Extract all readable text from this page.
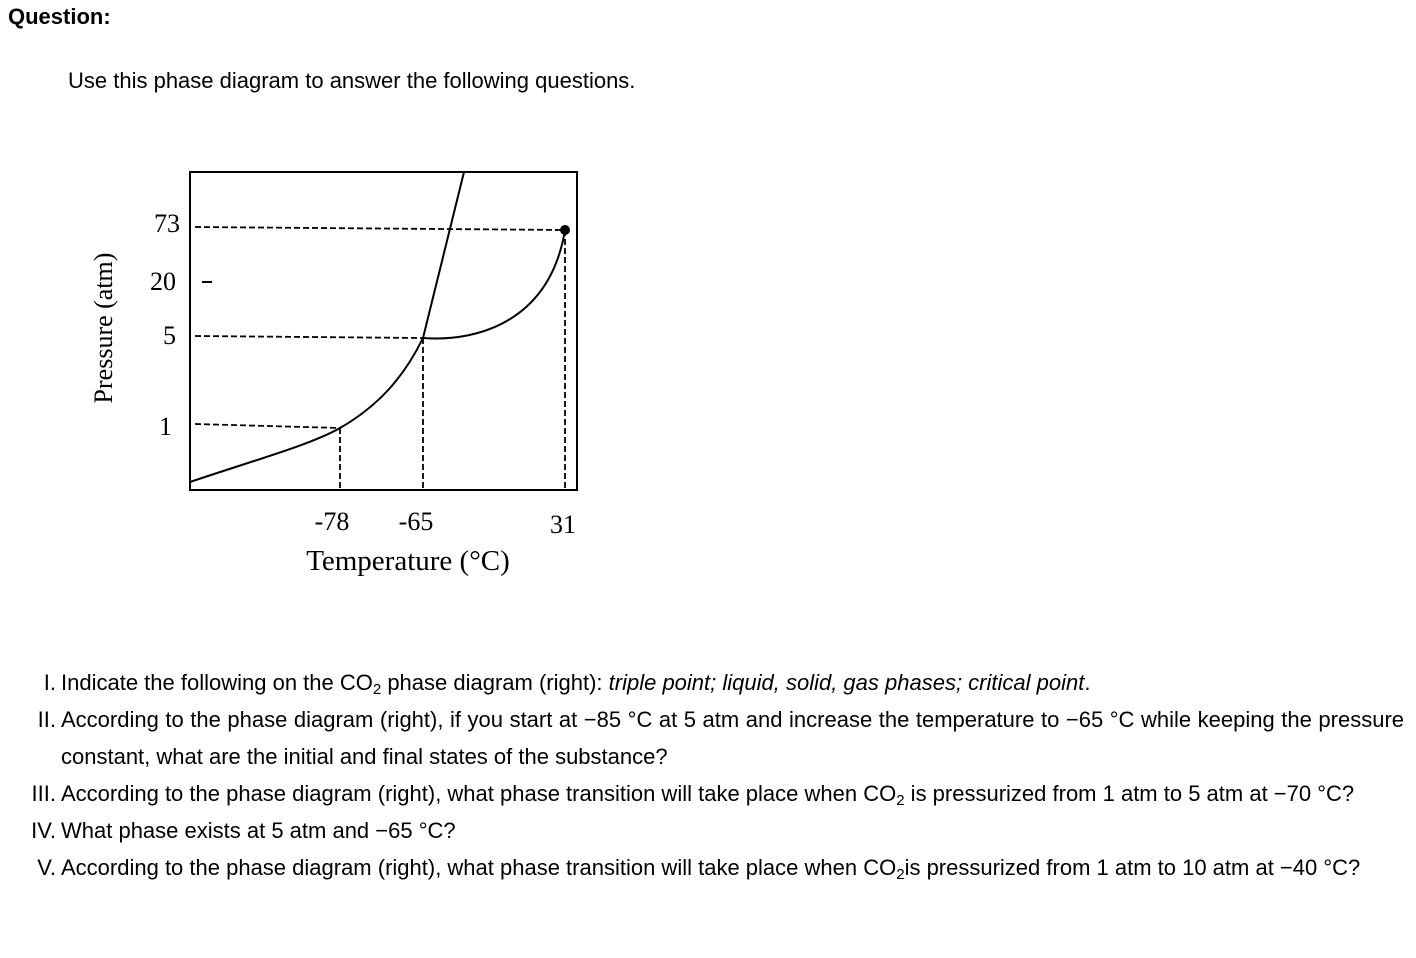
Question:

Use this phase diagram to answer the following questions.

73
20
5
1
-78 -65	31
Temperature (°C)
Pressure (atm)
I. Indicate the following on the $CO_2$ phase diagram (right): triple point; liquid, solid, gas phases; critical point.
II. According to the phase diagram (right), if you start at −85 °C at 5 atm and increase the temperature to −65 °C while keeping the pressure constant, what are the initial and final states of the substance?
III. According to the phase diagram (right), what phase transition will take place when $CO_2$ is pressurized from 1 atm to 5 atm at −70 °C?
IV. What phase exists at 5 atm and −65 °C?
V. According to the phase diagram (right), what phase transition will take place when $CO_2is$ pressurized from 1 atm to 10 atm at −40 °C?
